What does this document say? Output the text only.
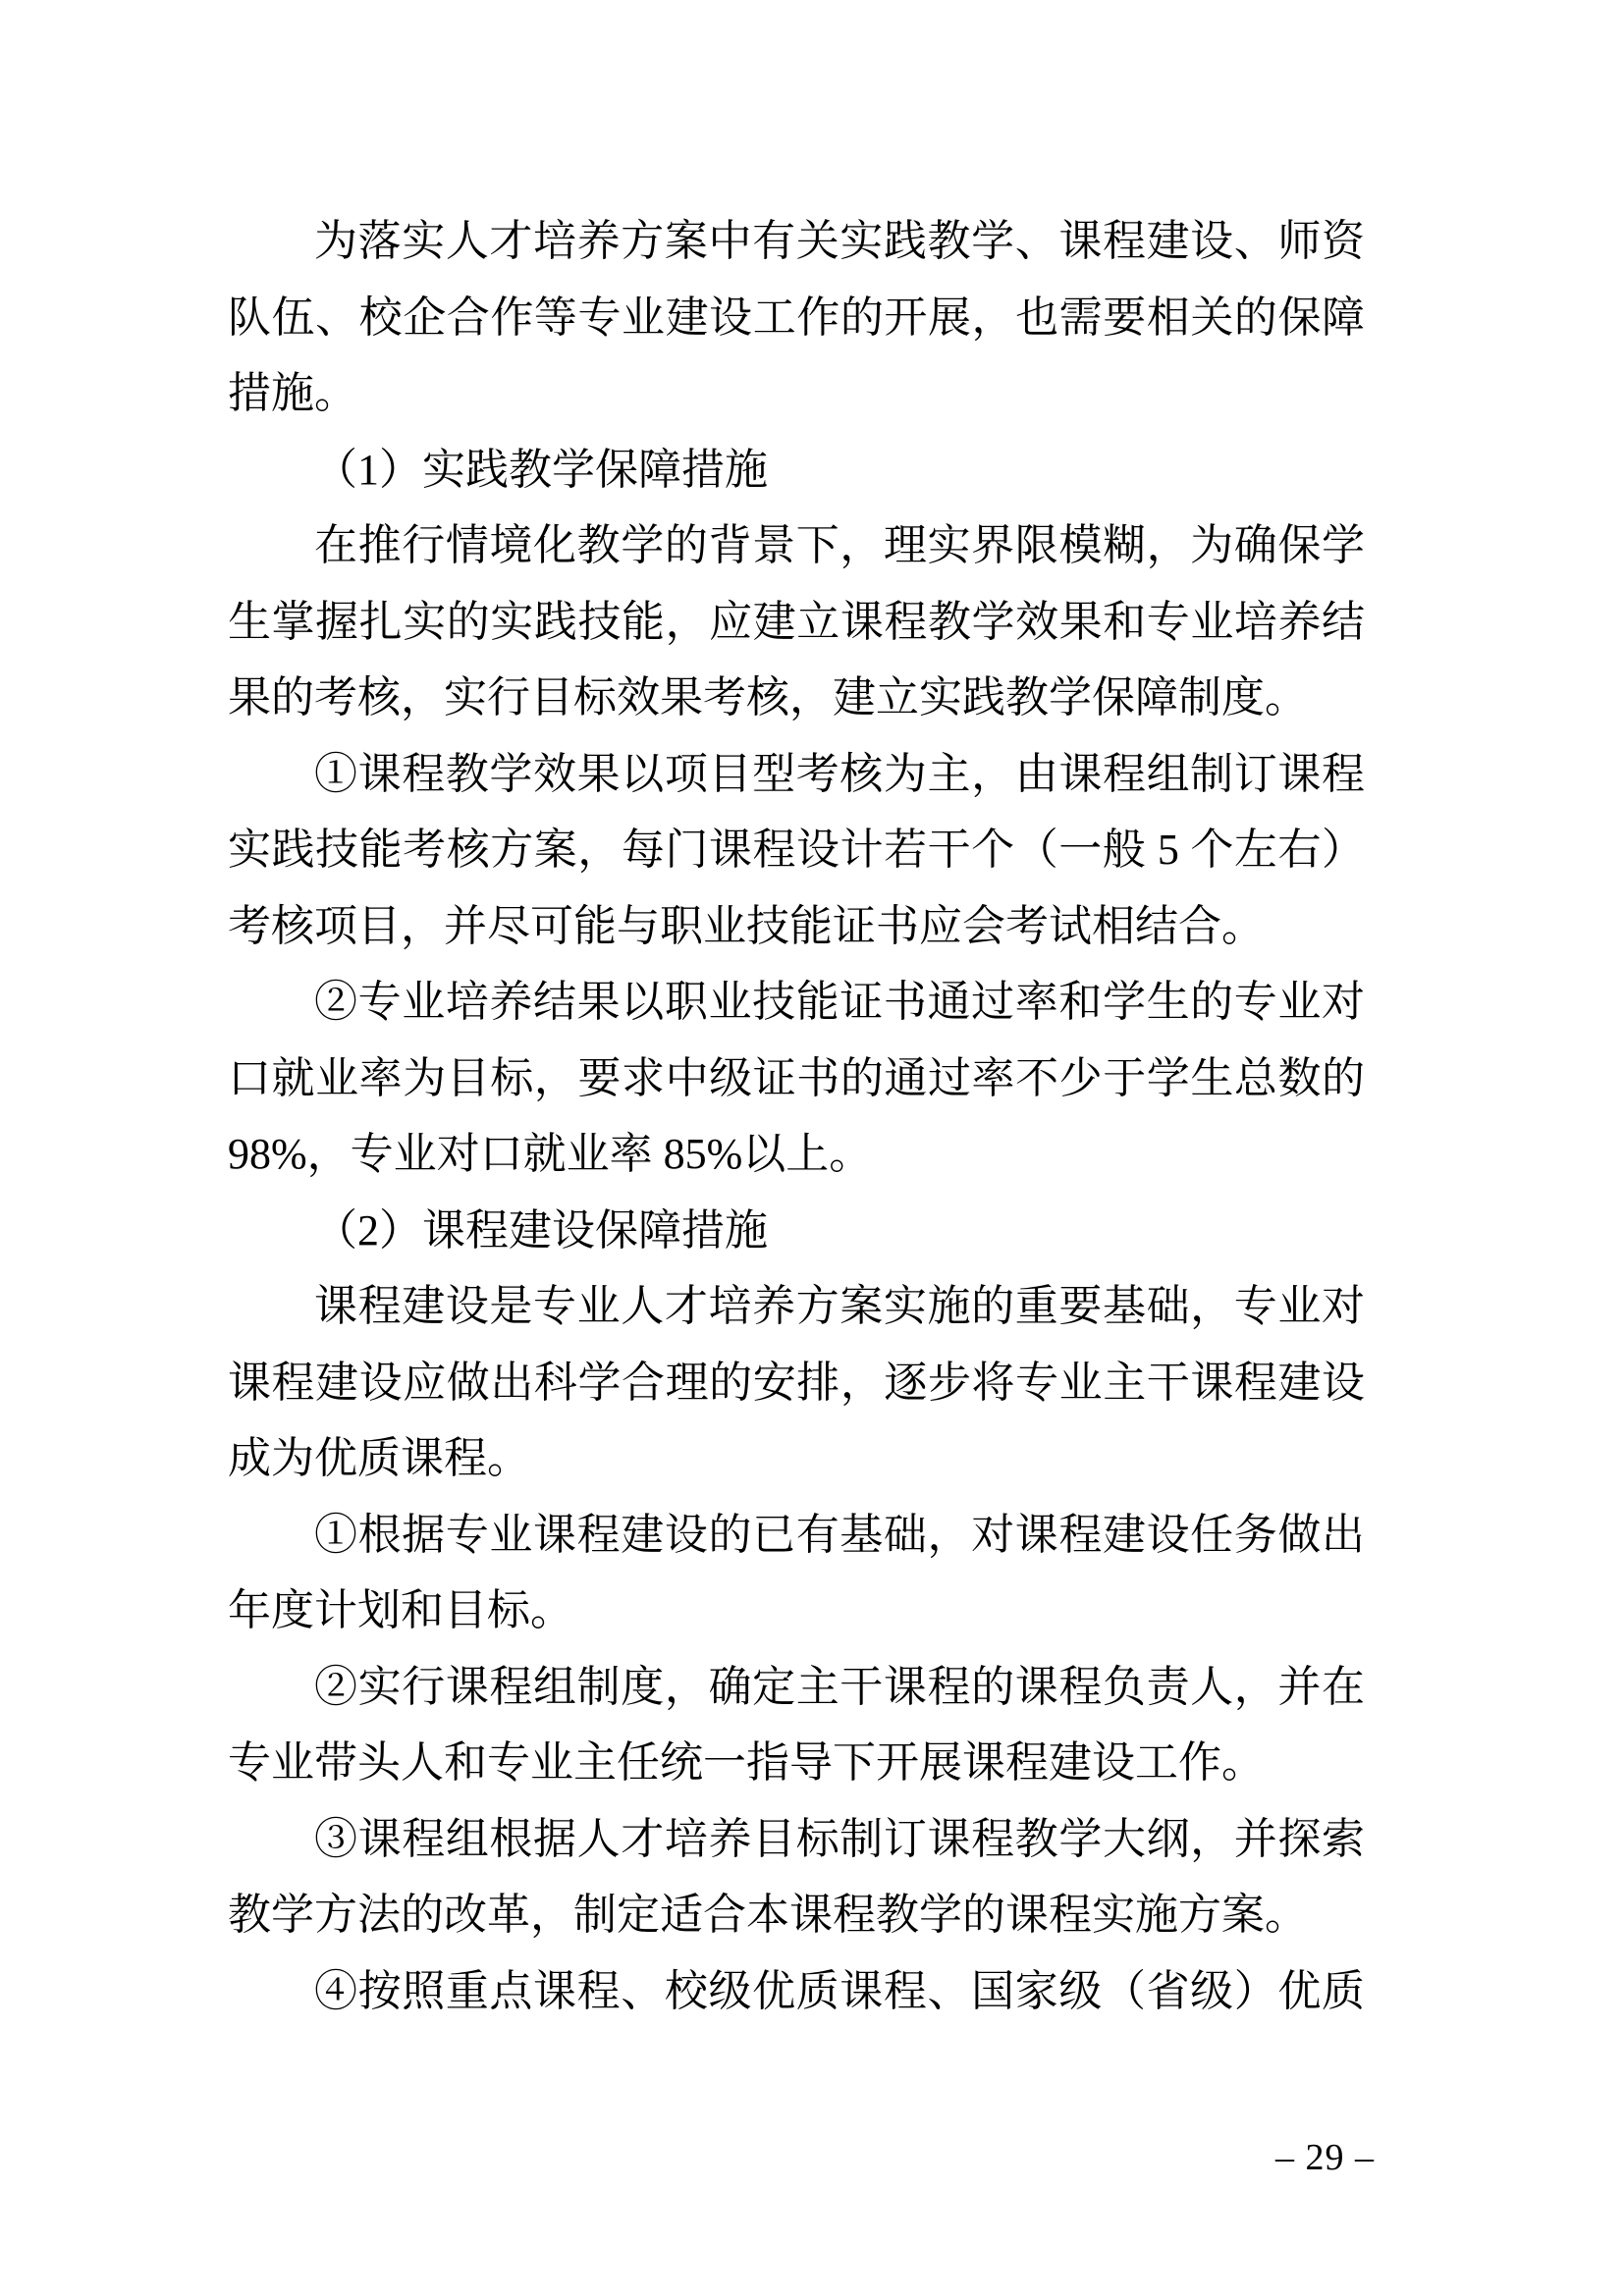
为落实人才培养方案中有关实践教学、课程建设、师资
队伍、校企合作等专业建设工作的开展，也需要相关的保障
措施。
（1）实践教学保障措施
在推行情境化教学的背景下，理实界限模糊，为确保学
生掌握扎实的实践技能，应建立课程教学效果和专业培养结
果的考核，实行目标效果考核，建立实践教学保障制度。
①课程教学效果以项目型考核为主，由课程组制订课程
实践技能考核方案，每门课程设计若干个（一般 5 个左右）
考核项目，并尽可能与职业技能证书应会考试相结合。
②专业培养结果以职业技能证书通过率和学生的专业对
口就业率为目标，要求中级证书的通过率不少于学生总数的
98%，专业对口就业率 85%以上。
（2）课程建设保障措施
课程建设是专业人才培养方案实施的重要基础，专业对
课程建设应做出科学合理的安排，逐步将专业主干课程建设
成为优质课程。
①根据专业课程建设的已有基础，对课程建设任务做出
年度计划和目标。
②实行课程组制度，确定主干课程的课程负责人，并在
专业带头人和专业主任统一指导下开展课程建设工作。
③课程组根据人才培养目标制订课程教学大纲，并探索
教学方法的改革，制定适合本课程教学的课程实施方案。
④按照重点课程、校级优质课程、国家级（省级）优质
– 29 –
